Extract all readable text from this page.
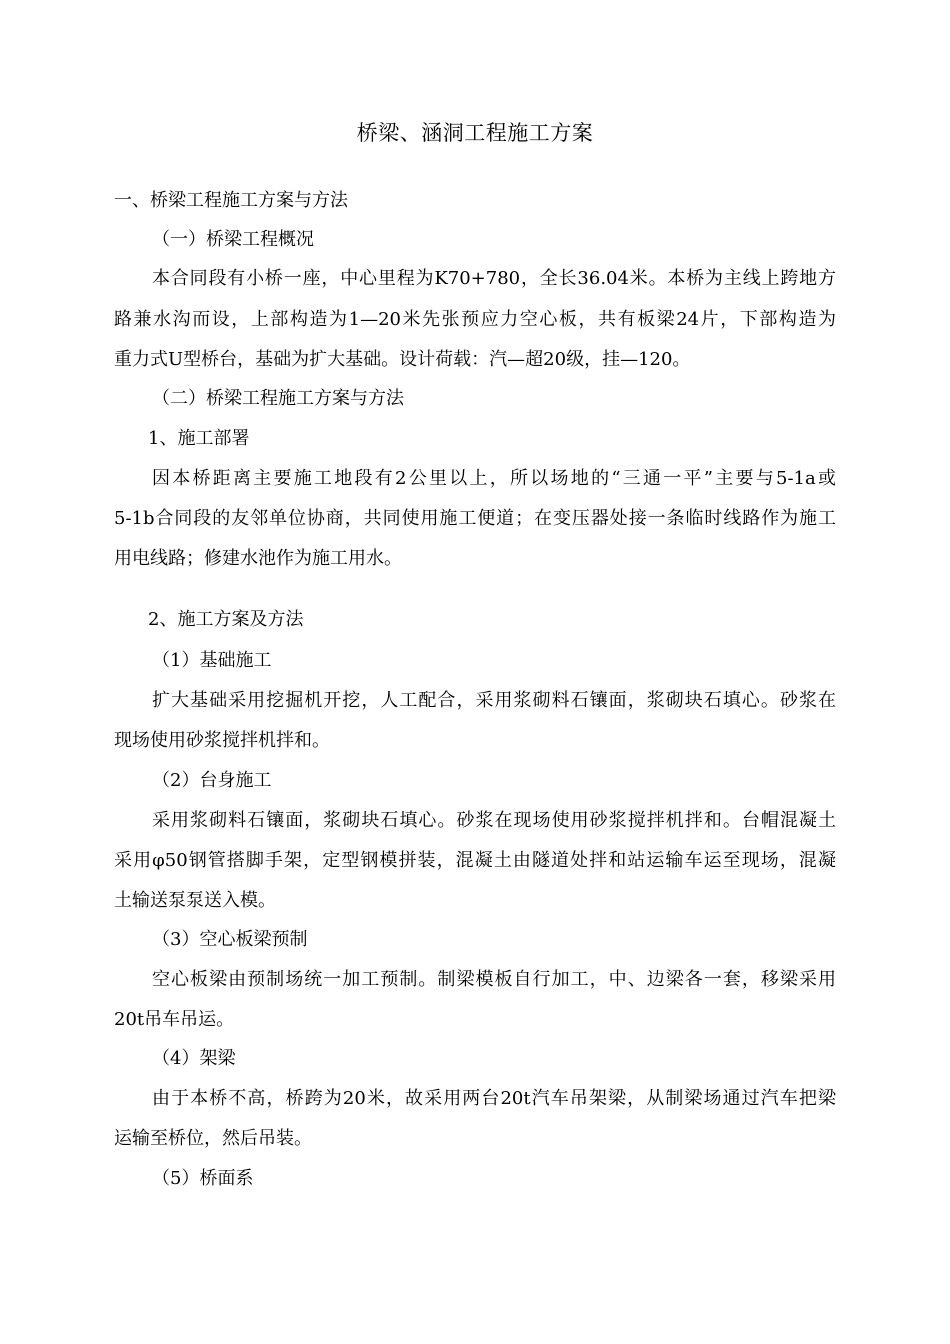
桥梁、涵洞工程施工方案
一、桥梁工程施工方案与方法
（一）桥梁工程概况
本合同段有小桥一座，中心里程为K70+780，全长36.04米。本桥为主线上跨地方
路兼水沟而设，上部构造为1—20米先张预应力空心板，共有板梁24片，下部构造为
重力式U型桥台，基础为扩大基础。设计荷载：汽—超20级，挂—120。
（二）桥梁工程施工方案与方法
1、施工部署
因本桥距离主要施工地段有2公里以上，所以场地的“三通一平”主要与5-1a或
5-1b合同段的友邻单位协商，共同使用施工便道；在变压器处接一条临时线路作为施工
用电线路；修建水池作为施工用水。
2、施工方案及方法
（1）基础施工
扩大基础采用挖掘机开挖，人工配合，采用浆砌料石镶面，浆砌块石填心。砂浆在
现场使用砂浆搅拌机拌和。
（2）台身施工
采用浆砌料石镶面，浆砌块石填心。砂浆在现场使用砂浆搅拌机拌和。台帽混凝土
采用φ50钢管搭脚手架，定型钢模拼装，混凝土由隧道处拌和站运输车运至现场，混凝
土输送泵泵送入模。
（3）空心板梁预制
空心板梁由预制场统一加工预制。制梁模板自行加工，中、边梁各一套，移梁采用
20t吊车吊运。
（4）架梁
由于本桥不高，桥跨为20米，故采用两台20t汽车吊架梁，从制梁场通过汽车把梁
运输至桥位，然后吊装。
（5）桥面系
